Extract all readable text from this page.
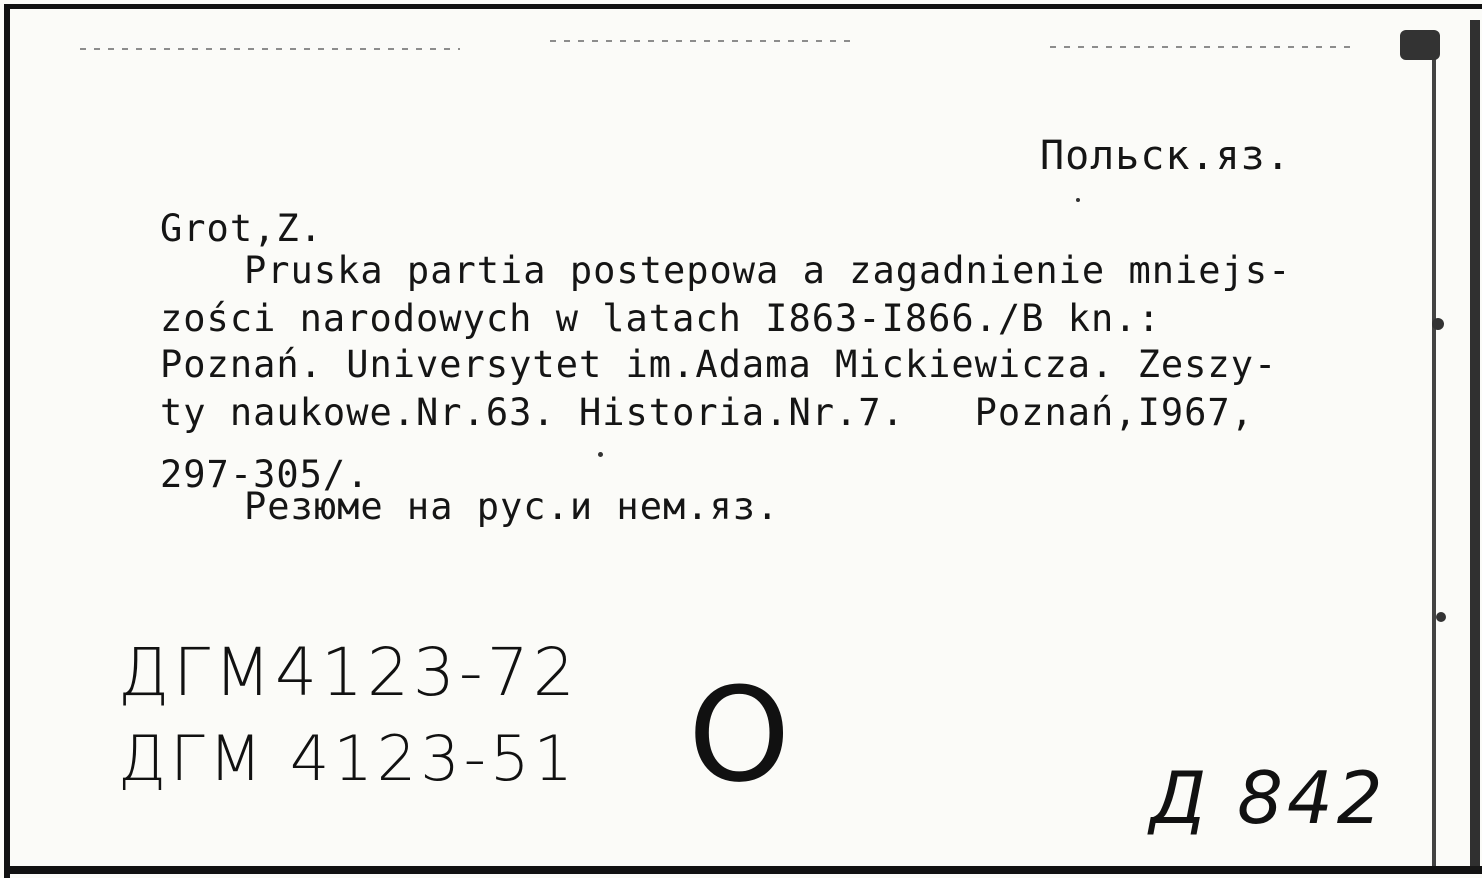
Польск.яз.
Grot,Z.
Pruska partia postepowa a zagadnienie mniejs-
zości narodowych w latach I863-I866./B kn.:
Poznań. Universytet im.Adama Mickiewicza. Zeszy-
ty naukowe.Nr.63. Historia.Nr.7.   Poznań,I967,
297-305/.
Резюме на рус.и нем.яз.
ДГМ4123-72
ДГМ 4123-51 O	Д 842
